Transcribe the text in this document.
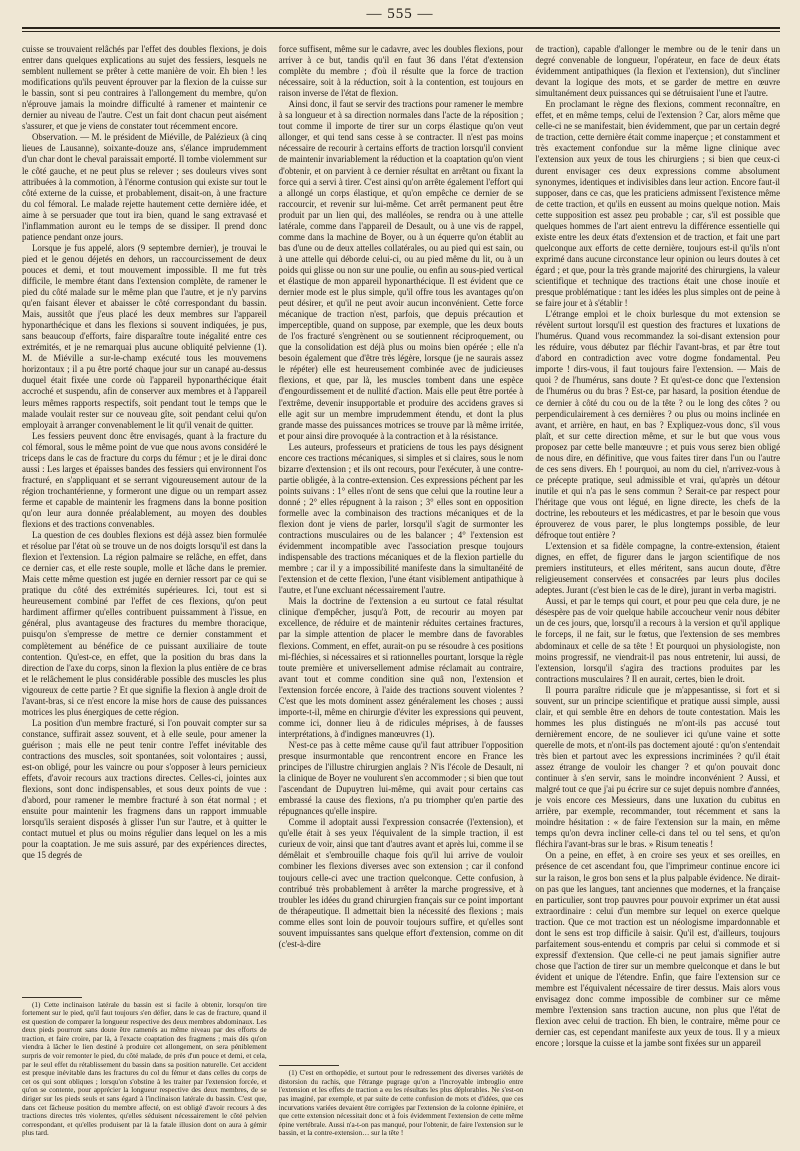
— 555 —

cuisse se trouvaient relâchés par l'effet des doubles flexions, je dois entrer dans quelques explications au sujet des fessiers, lesquels ne semblent nullement se prêter à cette manière de voir. Eh bien ! les modifications qu'ils peuvent éprouver par la flexion de la cuisse sur le bassin, sont si peu contraires à l'allongement du membre, qu'on n'éprouve jamais la moindre difficulté à ramener et maintenir ce dernier au niveau de l'autre. C'est un fait dont chacun peut aisément s'assurer, et que je viens de constater tout récemment encore.

Observation. — M. le président de Miéville, de Palézieux (à cinq lieues de Lausanne), soixante-douze ans, s'élance imprudemment d'un char dont le cheval paraissait emporté. Il tombe violemment sur le côté gauche, et ne peut plus se relever ; ses douleurs vives sont attribuées à la commotion, à l'énorme contusion qui existe sur tout le côté externe de la cuisse, et probablement, disait-on, à une fracture du col fémoral. Le malade rejette hautement cette dernière idée, et aime à se persuader que tout ira bien, quand le sang extravasé et l'inflammation auront eu le temps de se dissiper. Il prend donc patience pendant onze jours.

Lorsque je fus appelé, alors (9 septembre dernier), je trouvai le pied et le genou déjetés en dehors, un raccourcissement de deux pouces et demi, et tout mouvement impossible. Il me fut très difficile, le membre étant dans l'extension complète, de ramener le pied du côté malade sur le même plan que l'autre, et je n'y parvins qu'en faisant élever et abaisser le côté correspondant du bassin. Mais, aussitôt que j'eus placé les deux membres sur l'appareil hyponarthécique et dans les flexions si souvent indiquées, je pus, sans beaucoup d'efforts, faire disparaître toute inégalité entre ces extrémités, et je ne remarquai plus aucune obliquité pelvienne (1). M. de Miéville a sur-le-champ exécuté tous les mouvemens horizontaux ; il a pu être porté chaque jour sur un canapé au-dessus duquel était fixée une corde où l'appareil hyponarthécique était accroché et suspendu, afin de conserver aux membres et à l'appareil leurs mêmes rapports respectifs, soit pendant tout le temps que le malade voulait rester sur ce nouveau gîte, soit pendant celui qu'on employait à arranger convenablement le lit qu'il venait de quitter.

Les fessiers peuvent donc être envisagés, quant à la fracture du col fémoral, sous le même point de vue que nous avons considéré le triceps dans le cas de fracture du corps du fémur ; et je le dirai donc aussi : Les larges et épaisses bandes des fessiers qui environnent l'os fracturé, en s'appliquant et se serrant vigoureusement autour de la région trochantérienne, y formeront une digue ou un rempart assez ferme et capable de maintenir les fragmens dans la bonne position qu'on leur aura donnée préalablement, au moyen des doubles flexions et des tractions convenables.

La question de ces doubles flexions est déjà assez bien formulée et résolue par l'état où se trouve un de nos doigts lorsqu'il est dans la flexion et l'extension. La région palmaire se relâche, en effet, dans ce dernier cas, et elle reste souple, molle et lâche dans le premier. Mais cette même question est jugée en dernier ressort par ce qui se pratique du côté des extrémités supérieures. Ici, tout est si heureusement combiné par l'effet de ces flexions, qu'on peut hardiment affirmer qu'elles contribuent puissamment à l'issue, en général, plus avantageuse des fractures du membre thoracique, puisqu'on s'empresse de mettre ce dernier constamment et complètement au bénéfice de ce puissant auxiliaire de toute contention. Qu'est-ce, en effet, que la position du bras dans la direction de l'axe du corps, sinon la flexion la plus entière de ce bras et le relâchement le plus considérable possible des muscles les plus vigoureux de cette partie ? Et que signifie la flexion à angle droit de l'avant-bras, si ce n'est encore la mise hors de cause des puissances motrices les plus énergiques de cette région.

La position d'un membre fracturé, si l'on pouvait compter sur sa constance, suffirait assez souvent, et à elle seule, pour amener la guérison ; mais elle ne peut tenir contre l'effet inévitable des contractions des muscles, soit spontanées, soit volontaires ; aussi, est-on obligé, pour les vaincre ou pour s'opposer à leurs pernicieux effets, d'avoir recours aux tractions directes. Celles-ci, jointes aux flexions, sont donc indispensables, et sous deux points de vue : d'abord, pour ramener le membre fracturé à son état normal ; et ensuite pour maintenir les fragmens dans un rapport immuable lorsqu'ils seraient disposés à glisser l'un sur l'autre, et à quitter le contact mutuel et plus ou moins régulier dans lequel on les a mis pour la coaptation. Je me suis assuré, par des expériences directes, que 15 degrés de

(1) Cette inclinaison latérale du bassin est si facile à obtenir, lorsqu'on tire fortement sur le pied, qu'il faut toujours s'en défier, dans le cas de fracture, quand il est question de comparer la longueur respective des deux membres abdominaux. Les deux pieds pourront sans doute être ramenés au même niveau par des efforts de traction, et faire croire, par là, à l'exacte coaptation des fragmens ; mais dès qu'on viendra à lâcher le lien destiné à produire cet allongement, on sera péniblement surpris de voir remonter le pied, du côté malade, de près d'un pouce et demi, et cela, par le seul effet du rétablissement du bassin dans sa position naturelle. Cet accident est presque inévitable dans les fractures du col du fémur et dans celles du corps de cet os qui sont obliques ; lorsqu'on s'obstine à les traiter par l'extension forcée, et qu'on se contente, pour apprécier la longueur respective des deux membres, de se diriger sur les pieds seuls et sans égard à l'inclinaison latérale du bassin. C'est que, dans cet fâcheuse position du membre affecté, on est obligé d'avoir recours à des tractions directes très violentes, qu'elles séduisent nécessairement le côté pelvien correspondant, et qu'elles produisent par là la fatale illusion dont on aura à gémir plus tard.

force suffisent, même sur le cadavre, avec les doubles flexions, pour arriver à ce but, tandis qu'il en faut 36 dans l'état d'extension complète du membre ; d'où il résulte que la force de traction nécessaire, soit à la réduction, soit à la contention, est toujours en raison inverse de l'état de flexion.

Ainsi donc, il faut se servir des tractions pour ramener le membre à sa longueur et à sa direction normales dans l'acte de la réposition ; tout comme il importe de tirer sur un corps élastique qu'on veut allonger, et qui tend sans cesse à se contracter. Il n'est pas moins nécessaire de recourir à certains efforts de traction lorsqu'il convient de maintenir invariablement la réduction et la coaptation qu'on vient d'obtenir, et on parvient à ce dernier résultat en arrêtant ou fixant la force qui a servi à tirer. C'est ainsi qu'on arrête également l'effort qui a allongé un corps élastique, et qu'on empêche ce dernier de se raccourcir, et revenir sur lui-même. Cet arrêt permanent peut être produit par un lien qui, des malléoles, se rendra ou à une attelle latérale, comme dans l'appareil de Desault, ou à une vis de rappel, comme dans la machine de Boyer, ou à un équerre qu'on établit au bas d'une ou de deux attelles collatérales, ou au pied qui est sain, ou à une attelle qui déborde celui-ci, ou au pied même du lit, ou à un poids qui glisse ou non sur une poulie, ou enfin au sous-pied vertical et élastique de mon appareil hyponarthécique. Il est évident que ce dernier mode est le plus simple, qu'il offre tous les avantages qu'on peut désirer, et qu'il ne peut avoir aucun inconvénient. Cette force mécanique de traction n'est, parfois, que depuis précaution et imperceptible, quand on suppose, par exemple, que les deux bouts de l'os fracturé s'engrènent ou se soutiennent réciproquement, ou que la consolidation est déjà plus ou moins bien opérée ; elle n'a besoin également que d'être très légère, lorsque (je ne saurais assez le répéter) elle est heureusement combinée avec de judicieuses flexions, et que, par là, les muscles tombent dans une espèce d'engourdissement et de nullité d'action. Mais elle peut être portée à l'extrême, devenir insupportable et produire des accidens graves si elle agit sur un membre imprudemment étendu, et dont la plus grande masse des puissances motrices se trouve par là même irritée, et pour ainsi dire provoquée à la contraction et à la résistance.

Les auteurs, professeurs et praticiens de tous les pays désignent encore ces tractions mécaniques, si simples et si claires, sous le nom bizarre d'extension ; et ils ont recours, pour l'exécuter, à une contre-partie obligée, à la contre-extension. Ces expressions péchent par les points suivans : 1° elles n'ont de sens que celui que la routine leur a donné ; 2° elles répugnent à la raison ; 3° elles sont en opposition formelle avec la combinaison des tractions mécaniques et de la flexion dont je viens de parler, lorsqu'il s'agit de surmonter les contractions musculaires ou de les balancer ; 4° l'extension est évidemment incompatible avec l'association presque toujours indispensable des tractions mécaniques et de la flexion partielle du membre ; car il y a impossibilité manifeste dans la simultanéité de l'extension et de cette flexion, l'une étant visiblement antipathique à l'autre, et l'une excluant nécessairement l'autre.

Mais la doctrine de l'extension a eu surtout ce fatal résultat clinique d'empêcher, jusqu'à Pott, de recourir au moyen par excellence, de réduire et de maintenir réduites certaines fractures, par la simple attention de placer le membre dans de favorables flexions. Comment, en effet, aurait-on pu se résoudre à ces positions mi-fléchies, si nécessaires et si rationnelles pourtant, lorsque la règle toute première et universellement admise réclamait au contraire, avant tout et comme condition sine quâ non, l'extension et l'extension forcée encore, à l'aide des tractions souvent violentes ? C'est que les mots dominent assez généralement les choses ; aussi importe-t-il, même en chirurgie d'éviter les expressions qui peuvent, comme ici, donner lieu à de ridicules méprises, à de fausses interprétations, à d'indignes manœuvres (1).

N'est-ce pas à cette même cause qu'il faut attribuer l'opposition presque insurmontable que rencontrent encore en France les principes de l'illustre chirurgien anglais ? N'is l'école de Desault, ni la clinique de Boyer ne voulurent s'en accommoder ; si bien que tout l'ascendant de Dupuytren lui-même, qui avait pour certains cas embrassé la cause des flexions, n'a pu triompher qu'en partie des répugnances qu'elle inspire.

Comme il adoptait aussi l'expression consacrée (l'extension), et qu'elle était à ses yeux l'équivalent de la simple traction, il est curieux de voir, ainsi que tant d'autres avant et après lui, comme il se démêlait et s'embrouille chaque fois qu'il lui arrive de vouloir combiner les flexions diverses avec son extension ; car il confond toujours celle-ci avec une traction quelconque. Cette confusion, à contribué très probablement à arrêter la marche progressive, et à troubler les idées du grand chirurgien français sur ce point important de thérapeutique. Il admettait bien la nécessité des flexions ; mais comme elles sont loin de pouvoir toujours suffire, et qu'elles sont souvent impuissantes sans quelque effort d'extension, comme on dit (c'est-à-dire

(1) C'est en orthopédie, et surtout pour le redressement des diverses variétés de distorsion du rachis, que l'étrange pugrage qu'on a l'incroyable imbroglio entre l'extension et les effets de traction a eu les résultats les plus déplorables. Ne s'est-on pas imaginé, par exemple, et par suite de cette confusion de mots et d'idées, que ces incurvations variées devaient être corrigées par l'extension de la colonne épinière, et que cette extension nécessitait donc et à fois évidemment l'extension de cette même épine vertébrale. Aussi n'a-t-on pas manqué, pour l'obtenir, de faire l'extension sur le bassin, et la contre-extension… sur la tête !

de traction), capable d'allonger le membre ou de le tenir dans un degré convenable de longueur, l'opérateur, en face de deux états évidemment antipathiques (la flexion et l'extension), dut s'incliner devant la logique des mots, et se garder de mettre en œuvre simultanément deux puissances qui se détruisaient l'une et l'autre.

En proclamant le règne des flexions, comment reconnaître, en effet, et en même temps, celui de l'extension ? Car, alors même que celle-ci ne se manifestait, bien évidemment, que par un certain degré de traction, cette dernière était comme inaperçue ; et constamment et très exactement confondue sur la même ligne clinique avec l'extension aux yeux de tous les chirurgiens ; si bien que ceux-ci durent envisager ces deux expressions comme absolument synonymes, identiques et indivisibles dans leur action. Encore faut-il supposer, dans ce cas, que les praticiens admissent l'existence même de cette traction, et qu'ils en eussent au moins quelque notion. Mais cette supposition est assez peu probable ; car, s'il est possible que quelques hommes de l'art aient entrevu la différence essentielle qui existe entre les deux états d'extension et de traction, et fait une part quelconque aux efforts de cette dernière, toujours est-il qu'ils n'ont exprimé dans aucune circonstance leur opinion ou leurs doutes à cet égard ; et que, pour la très grande majorité des chirurgiens, la valeur scientifique et technique des tractions était une chose inouïe et presque problématique : tant les idées les plus simples ont de peine à se faire jour et à s'établir !

L'étrange emploi et le choix burlesque du mot extension se révèlent surtout lorsqu'il est question des fractures et luxations de l'humérus. Quand vous recommandez la soi-disant extension pour les réduire, vous débutez par fléchir l'avant-bras, et par être tout d'abord en contradiction avec votre dogme fondamental. Peu importe ! dirs-vous, il faut toujours faire l'extension. — Mais de quoi ? de l'humérus, sans doute ? Et qu'est-ce donc que l'extension de l'humérus ou du bras ? Est-ce, par hasard, la position étendue de ce dernier à côté du cou ou de la tête ? ou le long des côtes ? ou perpendiculairement à ces dernières ? ou plus ou moins inclinée en avant, et arrière, en haut, en bas ? Expliquez-vous donc, s'il vous plaît, et sur cette direction même, et sur le but que vous vous proposez par cette belle manœuvre ; et puis vous serez bien obligé de nous dire, en définitive, que vous faites tirer dans l'un ou l'autre de ces sens divers. Eh ! pourquoi, au nom du ciel, n'arrivez-vous à ce précepte pratique, seul admissible et vrai, qu'après un détour inutile et qui n'a pas le sens commun ? Serait-ce par respect pour l'héritage que vous ont légué, en ligne directe, les chefs de la doctrine, les rebouteurs et les médicastres, et par le besoin que vous éprouverez de vous parer, le plus longtemps possible, de leur défroque tout entière ?

L'extension et sa fidèle compagne, la contre-extension, étaient dignes, en effet, de figurer dans le jargon scientifique de nos premiers instituteurs, et elles méritent, sans aucun doute, d'être religieusement conservées et consacrées par leurs plus dociles adeptes. Jurant (c'est bien le cas de le dire), jurant in verba magistri.

Aussi, et par le temps qui court, et pour peu que cela dure, je ne désespère pas de voir quelque habile accoucheur venir nous débiter un de ces jours, que, lorsqu'il a recours à la version et qu'il applique le forceps, il ne fait, sur le fœtus, que l'extension de ses membres abdominaux et celle de sa tête ! Et pourquoi un physiologiste, non moins progressif, ne viendrait-il pas nous entretenir, lui aussi, de l'extension, lorsqu'il s'agira des tractions produites par les contractions musculaires ? Il en aurait, certes, bien le droit.

Il pourra paraître ridicule que je m'appesantisse, si fort et si souvent, sur un principe scientifique et pratique aussi simple, aussi clair, et qui semble être en dehors de toute contestation. Mais les hommes les plus distingués ne m'ont-ils pas accusé tout dernièrement encore, de ne souliever ici qu'une vaine et sotte querelle de mots, et n'ont-ils pas doctement ajouté : qu'on s'entendait très bien et partout avec les expressions incriminées ? qu'il était assez étrange de vouloir les changer ? et qu'on pouvait donc continuer à s'en servir, sans le moindre inconvénient ? Aussi, et malgré tout ce que j'ai pu écrire sur ce sujet depuis nombre d'années, je vois encore ces Messieurs, dans une luxation du cubitus en arrière, par exemple, recommander, tout récemment et sans la moindre hésitation : « de faire l'extension sur la main, en même temps qu'on devra incliner celle-ci dans tel ou tel sens, et qu'on fléchira l'avant-bras sur le bras. » Risum teneatis !

On a peine, en effet, à en croire ses yeux et ses oreilles, en présence de cet ascendant fou, que l'imprimeur continue encore ici sur la raison, le gros bon sens et la plus palpable évidence. Ne dirait-on pas que les langues, tant anciennes que modernes, et la française en particulier, sont trop pauvres pour pouvoir exprimer un état aussi extraordinaire : celui d'un membre sur lequel on exerce quelque traction. Que ce mot traction est un néologisme impardonnable et dont le sens est trop difficile à saisir. Qu'il est, d'ailleurs, toujours parfaitement sous-entendu et compris par celui si commode et si expressif d'extension. Que celle-ci ne peut jamais signifier autre chose que l'action de tirer sur un membre quelconque et dans le but évident et unique de l'étendre. Enfin, que faire l'extension sur ce membre est l'équivalent nécessaire de tirer dessus. Mais alors vous envisagez donc comme impossible de combiner sur ce même membre l'extension sans traction aucune, non plus que l'état de flexion avec celui de traction. Eh bien, le contraire, même pour ce dernier cas, est cependant manifeste aux yeux de tous. Il y a mieux encore ; lorsque la cuisse et la jambe sont fixées sur un appareil
